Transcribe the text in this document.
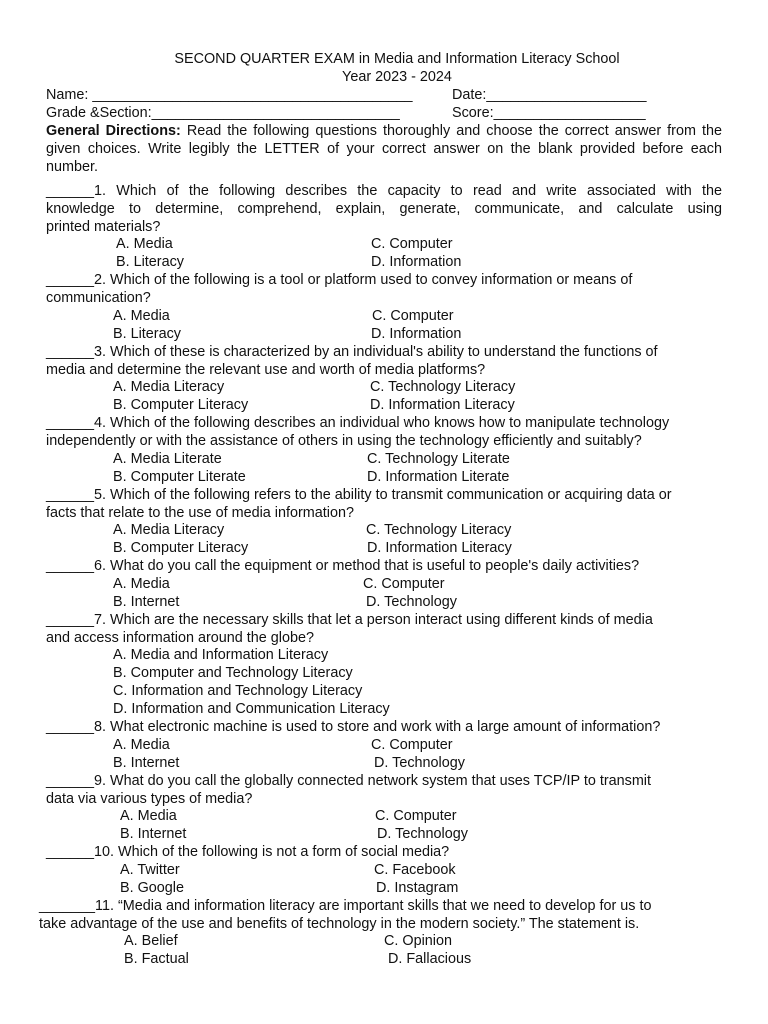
SECOND QUARTER EXAM in Media and Information Literacy School
Year 2023 - 2024
Name: ________________________________________	Date:____________________
Grade &Section:_______________________________	Score:___________________
General Directions: Read the following questions thoroughly and choose the correct answer from the
given choices. Write legibly the LETTER of your correct answer on the blank provided before each
number.
______1. Which of the following describes the capacity to read and write associated with the
knowledge to determine, comprehend, explain, generate, communicate, and calculate using
printed materials?
A. Media	C. Computer
B. Literacy	D. Information
______2. Which of the following is a tool or platform used to convey information or means of
communication?
A. Media	C. Computer
B. Literacy	D. Information
______3. Which of these is characterized by an individual's ability to understand the functions of
media and determine the relevant use and worth of media platforms?
A. Media Literacy	C. Technology Literacy
B. Computer Literacy	D. Information Literacy
______4. Which of the following describes an individual who knows how to manipulate technology
independently or with the assistance of others in using the technology efficiently and suitably?
A. Media Literate	C. Technology Literate
B. Computer Literate	D. Information Literate
______5. Which of the following refers to the ability to transmit communication or acquiring data or
facts that relate to the use of media information?
A. Media Literacy	C. Technology Literacy
B. Computer Literacy	D. Information Literacy
______6. What do you call the equipment or method that is useful to people's daily activities?
A. Media	C. Computer
B. Internet	D. Technology
______7. Which are the necessary skills that let a person interact using different kinds of media
and access information around the globe?
A. Media and Information Literacy
B. Computer and Technology Literacy
C. Information and Technology Literacy
D. Information and Communication Literacy
______8. What electronic machine is used to store and work with a large amount of information?
A. Media	C. Computer
B. Internet	D. Technology
______9. What do you call the globally connected network system that uses TCP/IP to transmit
data via various types of media?
A. Media	C. Computer
B. Internet	D. Technology
______10. Which of the following is not a form of social media?
A. Twitter	C. Facebook
B. Google	D. Instagram
_______11. “Media and information literacy are important skills that we need to develop for us to
take advantage of the use and benefits of technology in the modern society.” The statement is.
A. Belief	C. Opinion
B. Factual	D. Fallacious
